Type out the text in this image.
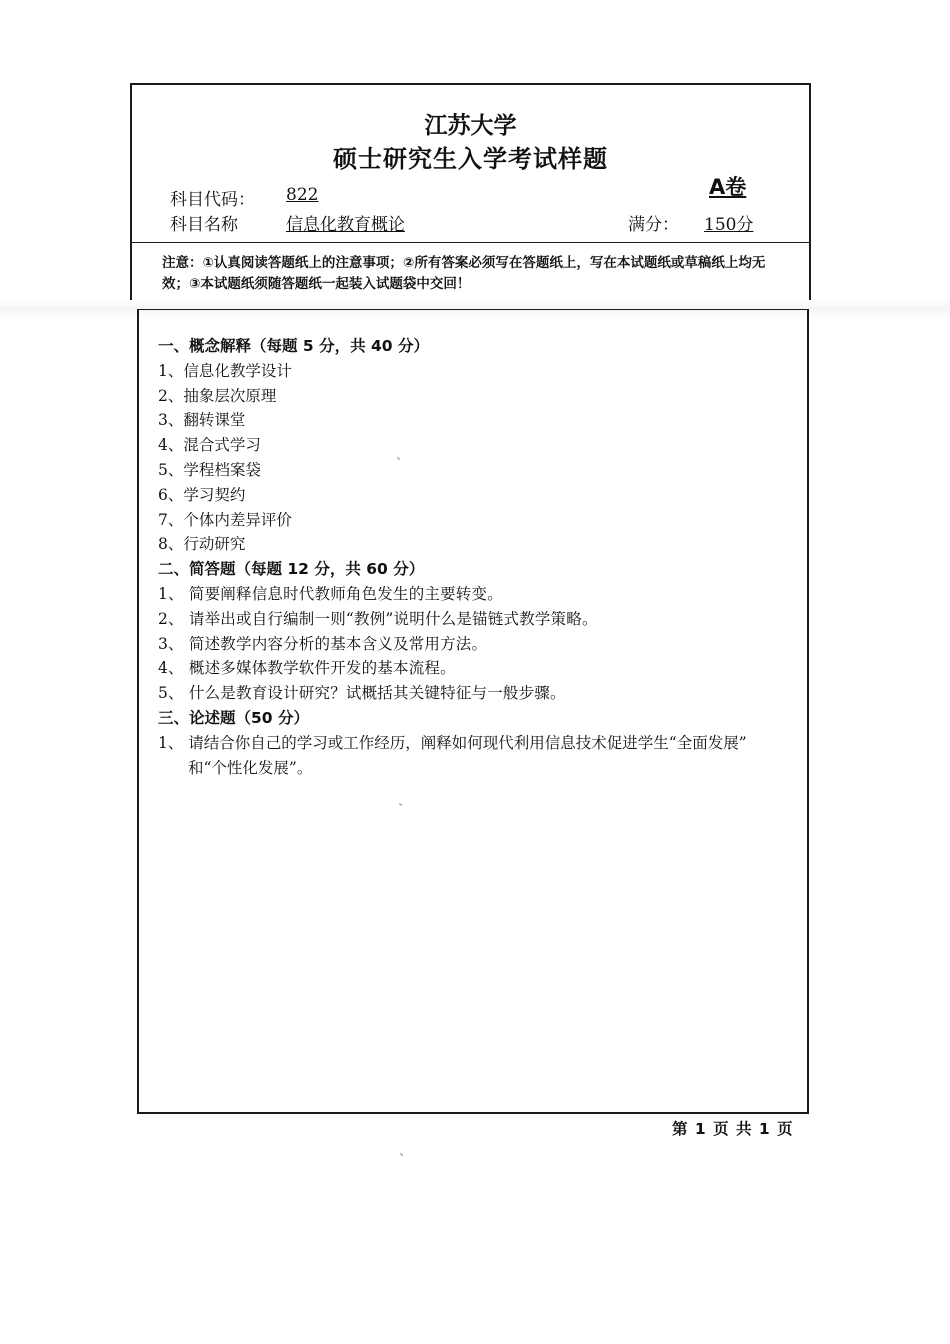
江苏大学
硕士研究生入学考试样题
科目代码： 822
科目名称	信息化教育概论
A卷
满分： 150分
注意：①认真阅读答题纸上的注意事项；②所有答案必须写在答题纸上，写在本试题纸或草稿纸上均无效；③本试题纸须随答题纸一起装入试题袋中交回！
一、概念解释（每题 5 分，共 40 分）
1、信息化教学设计
2、抽象层次原理
3、翻转课堂
4、混合式学习
5、学程档案袋
6、学习契约
7、个体内差异评价
8、行动研究
二、简答题（每题 12 分，共 60 分）
1、 简要阐释信息时代教师角色发生的主要转变。
2、 请举出或自行编制一则“教例”说明什么是锚链式教学策略。
3、 简述教学内容分析的基本含义及常用方法。
4、 概述多媒体教学软件开发的基本流程。
5、 什么是教育设计研究？试概括其关键特征与一般步骤。
三、论述题（50 分）
1、 请结合你自己的学习或工作经历，阐释如何现代利用信息技术促进学生“全面发展”
和“个性化发展”。
第 1 页 共 1 页
